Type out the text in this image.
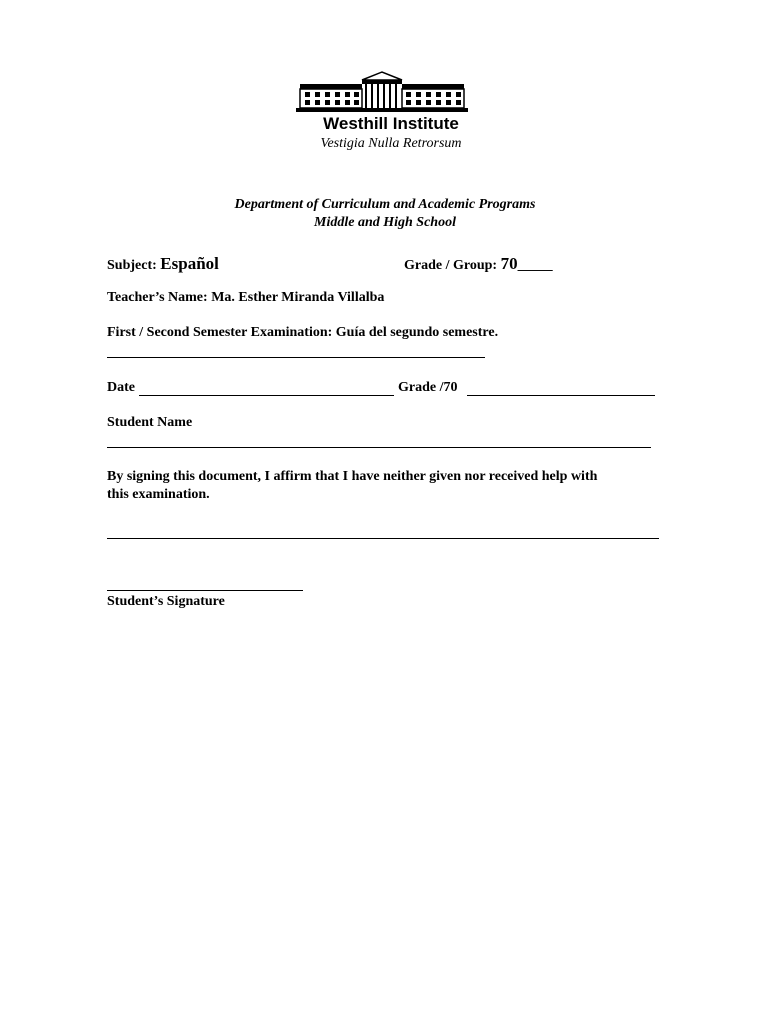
Westhill Institute
Vestigia Nulla Retrorsum
Department of Curriculum and Academic Programs
Middle and High School
Subject: Español	Grade / Group: 70_____
Teacher’s Name: Ma. Esther Miranda Villalba
First / Second Semester Examination: Guía del segundo semestre.
Date	Grade /70
Student Name
By signing this document, I affirm that I have neither given nor received help with
this examination.
Student’s Signature
